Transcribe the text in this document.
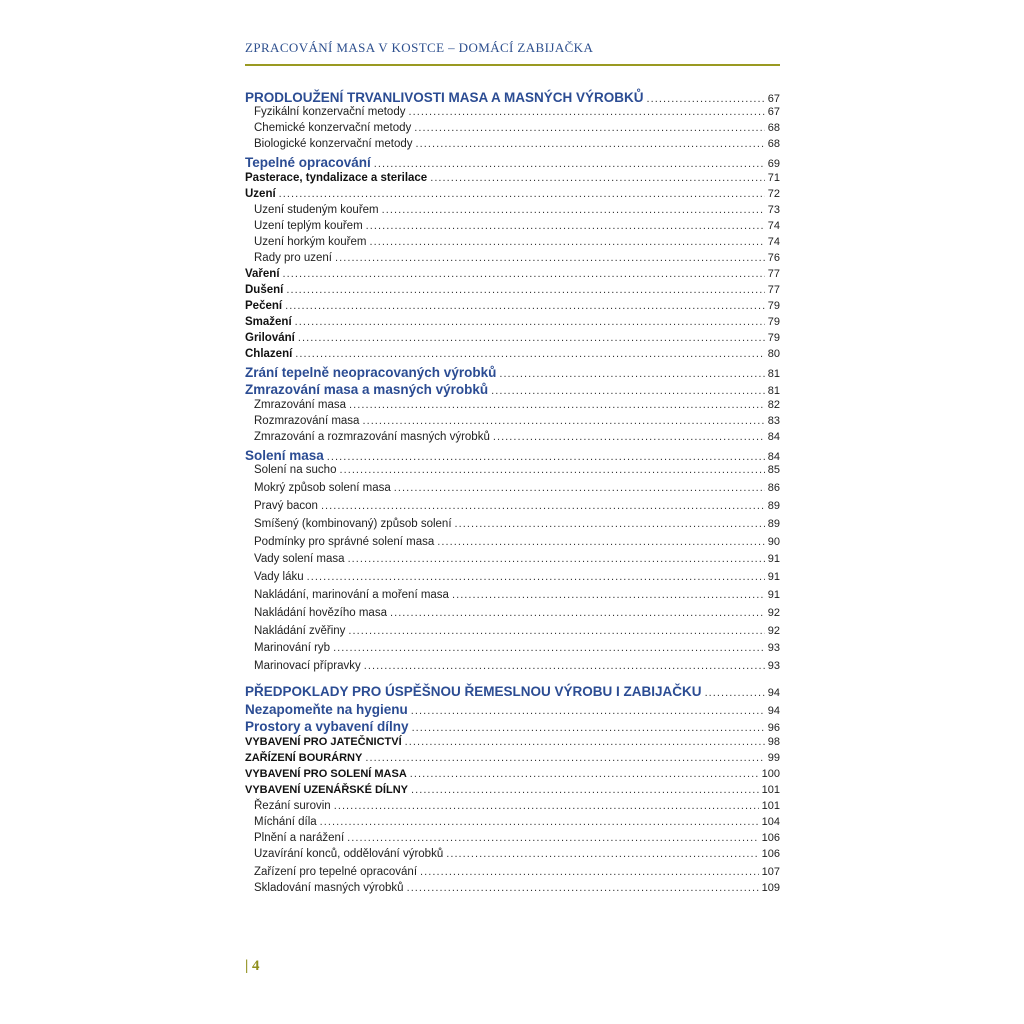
ZPRACOVÁNÍ MASA V KOSTCE – DOMÁCÍ ZABIJAČKA
PRODLOUŽENÍ TRVANLIVOSTI MASA A MASNÝCH VÝROBKŮ . . .	67
Fyzikální konzervační metody . . .	67
Chemické konzervační metody . . .	68
Biologické konzervační metody . . .	68
Tepelné opracování . . .	69
Pasterace, tyndalizace a sterilace . . .	71
Uzení . . .	72
Uzení studeným kouřem . . .	73
Uzení teplým kouřem . . .	74
Uzení horkým kouřem . . .	74
Rady pro uzení . . .	76
Vaření . . .	77
Dušení . . .	77
Pečení . . .	79
Smažení . . .	79
Grilování . . .	79
Chlazení . . .	80
Zrání tepelně neopracovaných výrobků . . .	81
Zmrazování masa a masných výrobků . . .	81
Zmrazování masa . . .	82
Rozmrazování masa . . .	83
Zmrazování a rozmrazování masných výrobků . . .	84
Solení masa . . .	84
Solení na sucho . . .	85
Mokrý způsob solení masa . . .	86
Pravý bacon . . .	89
Smíšený (kombinovaný) způsob solení . . .	89
Podmínky pro správné solení masa . . .	90
Vady solení masa . . .	91
Vady láku . . .	91
Nakládání, marinování a moření masa . . .	91
Nakládání hovězího masa . . .	92
Nakládání zvěřiny . . .	92
Marinování ryb . . .	93
Marinovací přípravky . . .	93
PŘEDPOKLADY PRO ÚSPĚŠNOU ŘEMESLNOU VÝROBU I ZABIJAČKU . . .	94
Nezapomeňte na hygienu . . .	94
Prostory a vybavení dílny . . .	96
VYBAVENÍ PRO JATEČNICTVÍ . . .	98
ZAŘÍZENÍ BOURÁRNY . . .	99
VYBAVENÍ PRO SOLENÍ MASA . . .	100
VYBAVENÍ UZENÁŘSKÉ DÍLNY . . .	101
Řezání surovin . . .	101
Míchání díla . . .	104
Plnění a narážení . . .	106
Uzavírání konců, oddělování výrobků . . .	106
Zařízení pro tepelné opracování . . .	107
Skladování masných výrobků . . .	109
| 4
